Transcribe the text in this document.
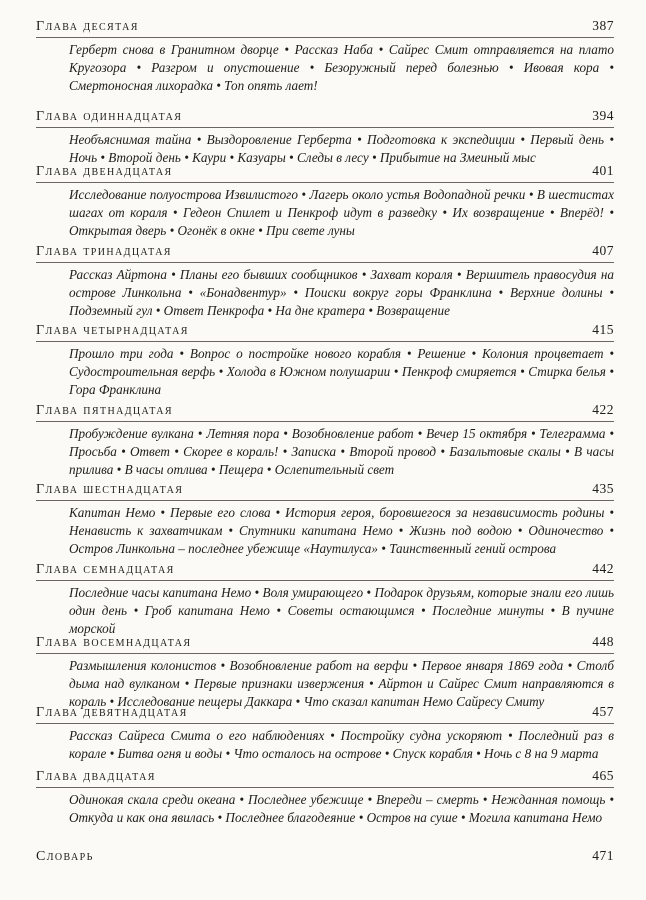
Глава десятая	387

Герберт снова в Гранитном дворце • Рассказ Наба • Сайрес Смит отправляется на плато Кругозора • Разгром и опустошение • Безоружный перед болезнью • Ивовая кора • Смертоносная лихорадка • Топ опять лает!

Глава одиннадцатая	394

Необъяснимая тайна • Выздоровление Герберта • Подготовка к экспедиции • Первый день • Ночь • Второй день • Каури • Казуары • Следы в лесу • Прибытие на Змеиный мыс

Глава двенадцатая	401

Исследование полуострова Извилистого • Лагерь около устья Водопадной речки • В шестистах шагах от кораля • Гедеон Спилет и Пенкроф идут в разведку • Их возвращение • Вперёд! • Открытая дверь • Огонёк в окне • При свете луны

Глава тринадцатая	407

Рассказ Айртона • Планы его бывших сообщников • Захват кораля • Вершитель правосудия на острове Линкольна • «Бонадвентур» • Поиски вокруг горы Франклина • Верхние долины • Подземный гул • Ответ Пенкрофа • На дне кратера • Возвращение

Глава четырнадцатая	415

Прошло три года • Вопрос о постройке нового корабля • Решение • Колония процветает • Судостроительная верфь • Холода в Южном полушарии • Пенкроф смиряется • Стирка белья • Гора Франклина

Глава пятнадцатая	422

Пробуждение вулкана • Летняя пора • Возобновление работ • Вечер 15 октября • Телеграмма • Просьба • Ответ • Скорее в кораль! • Записка • Второй провод • Базальтовые скалы • В часы прилива • В часы отлива • Пещера • Ослепительный свет

Глава шестнадцатая	435

Капитан Немо • Первые его слова • История героя, боровшегося за независимость родины • Ненависть к захватчикам • Спутники капитана Немо • Жизнь под водою • Одиночество • Остров Линкольна – последнее убежище «Наутилуса» • Таинственный гений острова

Глава семнадцатая	442

Последние часы капитана Немо • Воля умирающего • Подарок друзьям, которые знали его лишь один день • Гроб капитана Немо • Советы остающимся • Последние минуты • В пучине морской

Глава восемнадцатая	448

Размышления колонистов • Возобновление работ на верфи • Первое января 1869 года • Столб дыма над вулканом • Первые признаки извержения • Айртон и Сайрес Смит направляются в кораль • Исследование пещеры Даккара • Что сказал капитан Немо Сайресу Смиту

Глава девятнадцатая	457

Рассказ Сайреса Смита о его наблюдениях • Постройку судна ускоряют • Последний раз в корале • Битва огня и воды • Что осталось на острове • Спуск корабля • Ночь с 8 на 9 марта

Глава двадцатая	465

Одинокая скала среди океана • Последнее убежище • Впереди – смерть • Нежданная помощь • Откуда и как она явилась • Последнее благодеяние • Остров на суше • Могила капитана Немо

Словарь	471
